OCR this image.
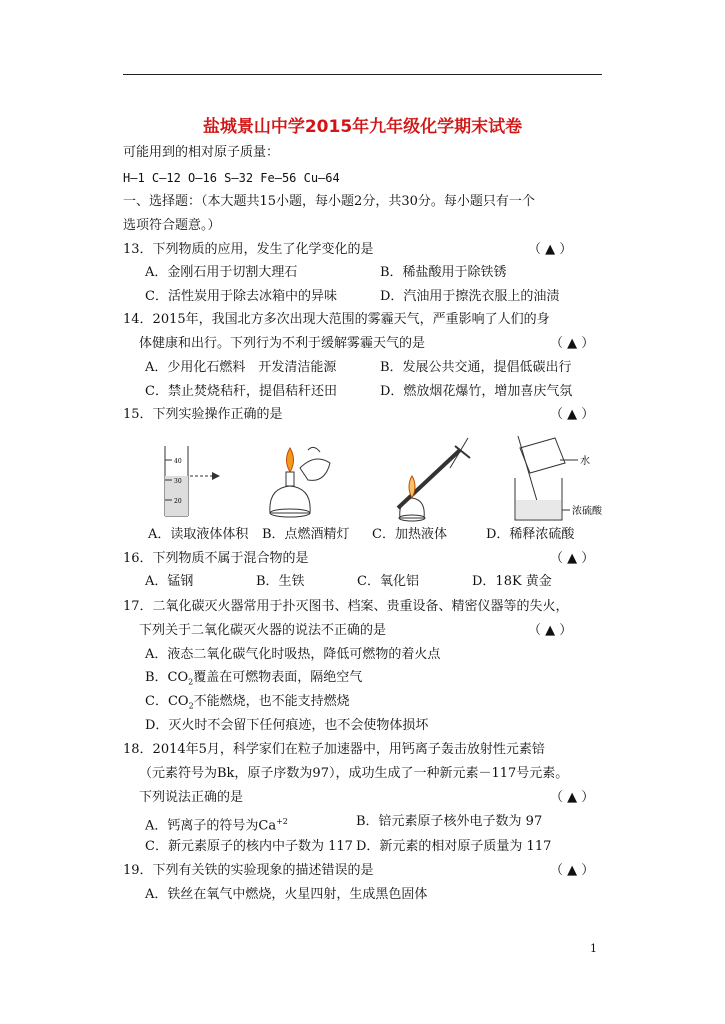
盐城景山中学2015年九年级化学期末试卷
可能用到的相对原子质量：
H—1 C—12 O—16 S—32 Fe—56 Cu—64
一、选择题：（本大题共15小题，每小题2分，共30分。每小题只有一个
选项符合题意。）
13．下列物质的应用，发生了化学变化的是	（ ▲ ）
A．金刚石用于切割大理石	B．稀盐酸用于除铁锈
C．活性炭用于除去冰箱中的异味	D．汽油用于擦洗衣服上的油渍
14．2015年，我国北方多次出现大范围的雾霾天气，严重影响了人们的身
体健康和出行。下列行为不利于缓解雾霾天气的是	（ ▲ ）
A．少用化石燃料　开发清洁能源	B．发展公共交通，提倡低碳出行
C．禁止焚烧秸秆，提倡秸秆还田	D．燃放烟花爆竹，增加喜庆气氛
15．下列实验操作正确的是	（ ▲ ）
40
30
20
水
浓硫酸
A．读取液体体积 B．点燃酒精灯 C．加热液体	D．稀释浓硫酸
16．下列物质不属于混合物的是	（ ▲ ）
A．锰钢	B．生铁	C．氧化铝	D．18K 黄金
17．二氧化碳灭火器常用于扑灭图书、档案、贵重设备、精密仪器等的失火，
下列关于二氧化碳灭火器的说法不正确的是	（ ▲ ）
A．液态二氧化碳气化时吸热，降低可燃物的着火点
B．$CO_2$覆盖在可燃物表面，隔绝空气
C．$CO_2$不能燃烧，也不能支持燃烧
D．灭火时不会留下任何痕迹，也不会使物体损坏
18．2014年5月，科学家们在粒子加速器中，用钙离子轰击放射性元素锫
（元素符号为Bk，原子序数为97），成功生成了一种新元素－117号元素。
下列说法正确的是	（ ▲ ）
A．钙离子的符号为$Ca^{+2}$	B．锫元素原子核外电子数为 97
C．新元素原子的核内中子数为 117 D．新元素的相对原子质量为 117
19．下列有关铁的实验现象的描述错误的是	（ ▲ ）
A．铁丝在氧气中燃烧，火星四射，生成黑色固体
1
